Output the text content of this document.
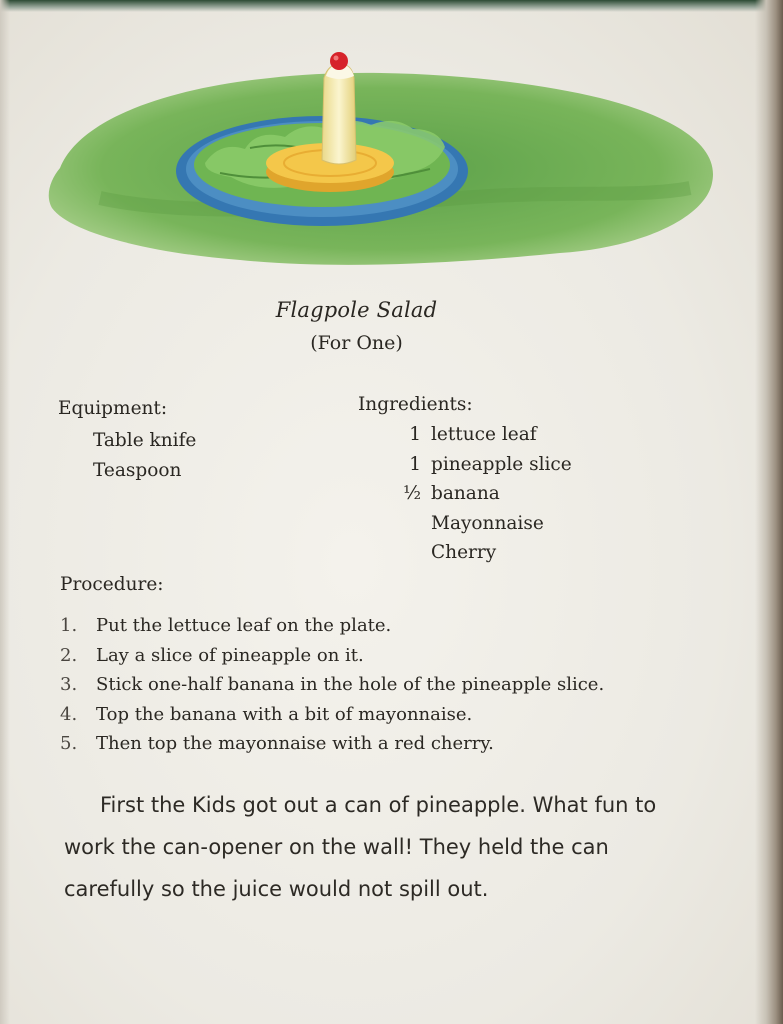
Flagpole Salad
(For One)
Equipment:
Table knife
Teaspoon
Ingredients:
1 lettuce leaf
1 pineapple slice
½ banana
Mayonnaise
Cherry
Procedure:
1.	Put the lettuce leaf on the plate.
2.	Lay a slice of pineapple on it.
3.	Stick one-half banana in the hole of the pineapple slice.
4.	Top the banana with a bit of mayonnaise.
5.	Then top the mayonnaise with a red cherry.

First the Kids got out a can of pineapple. What fun to work the can-opener on the wall! They held the can carefully so the juice would not spill out.
